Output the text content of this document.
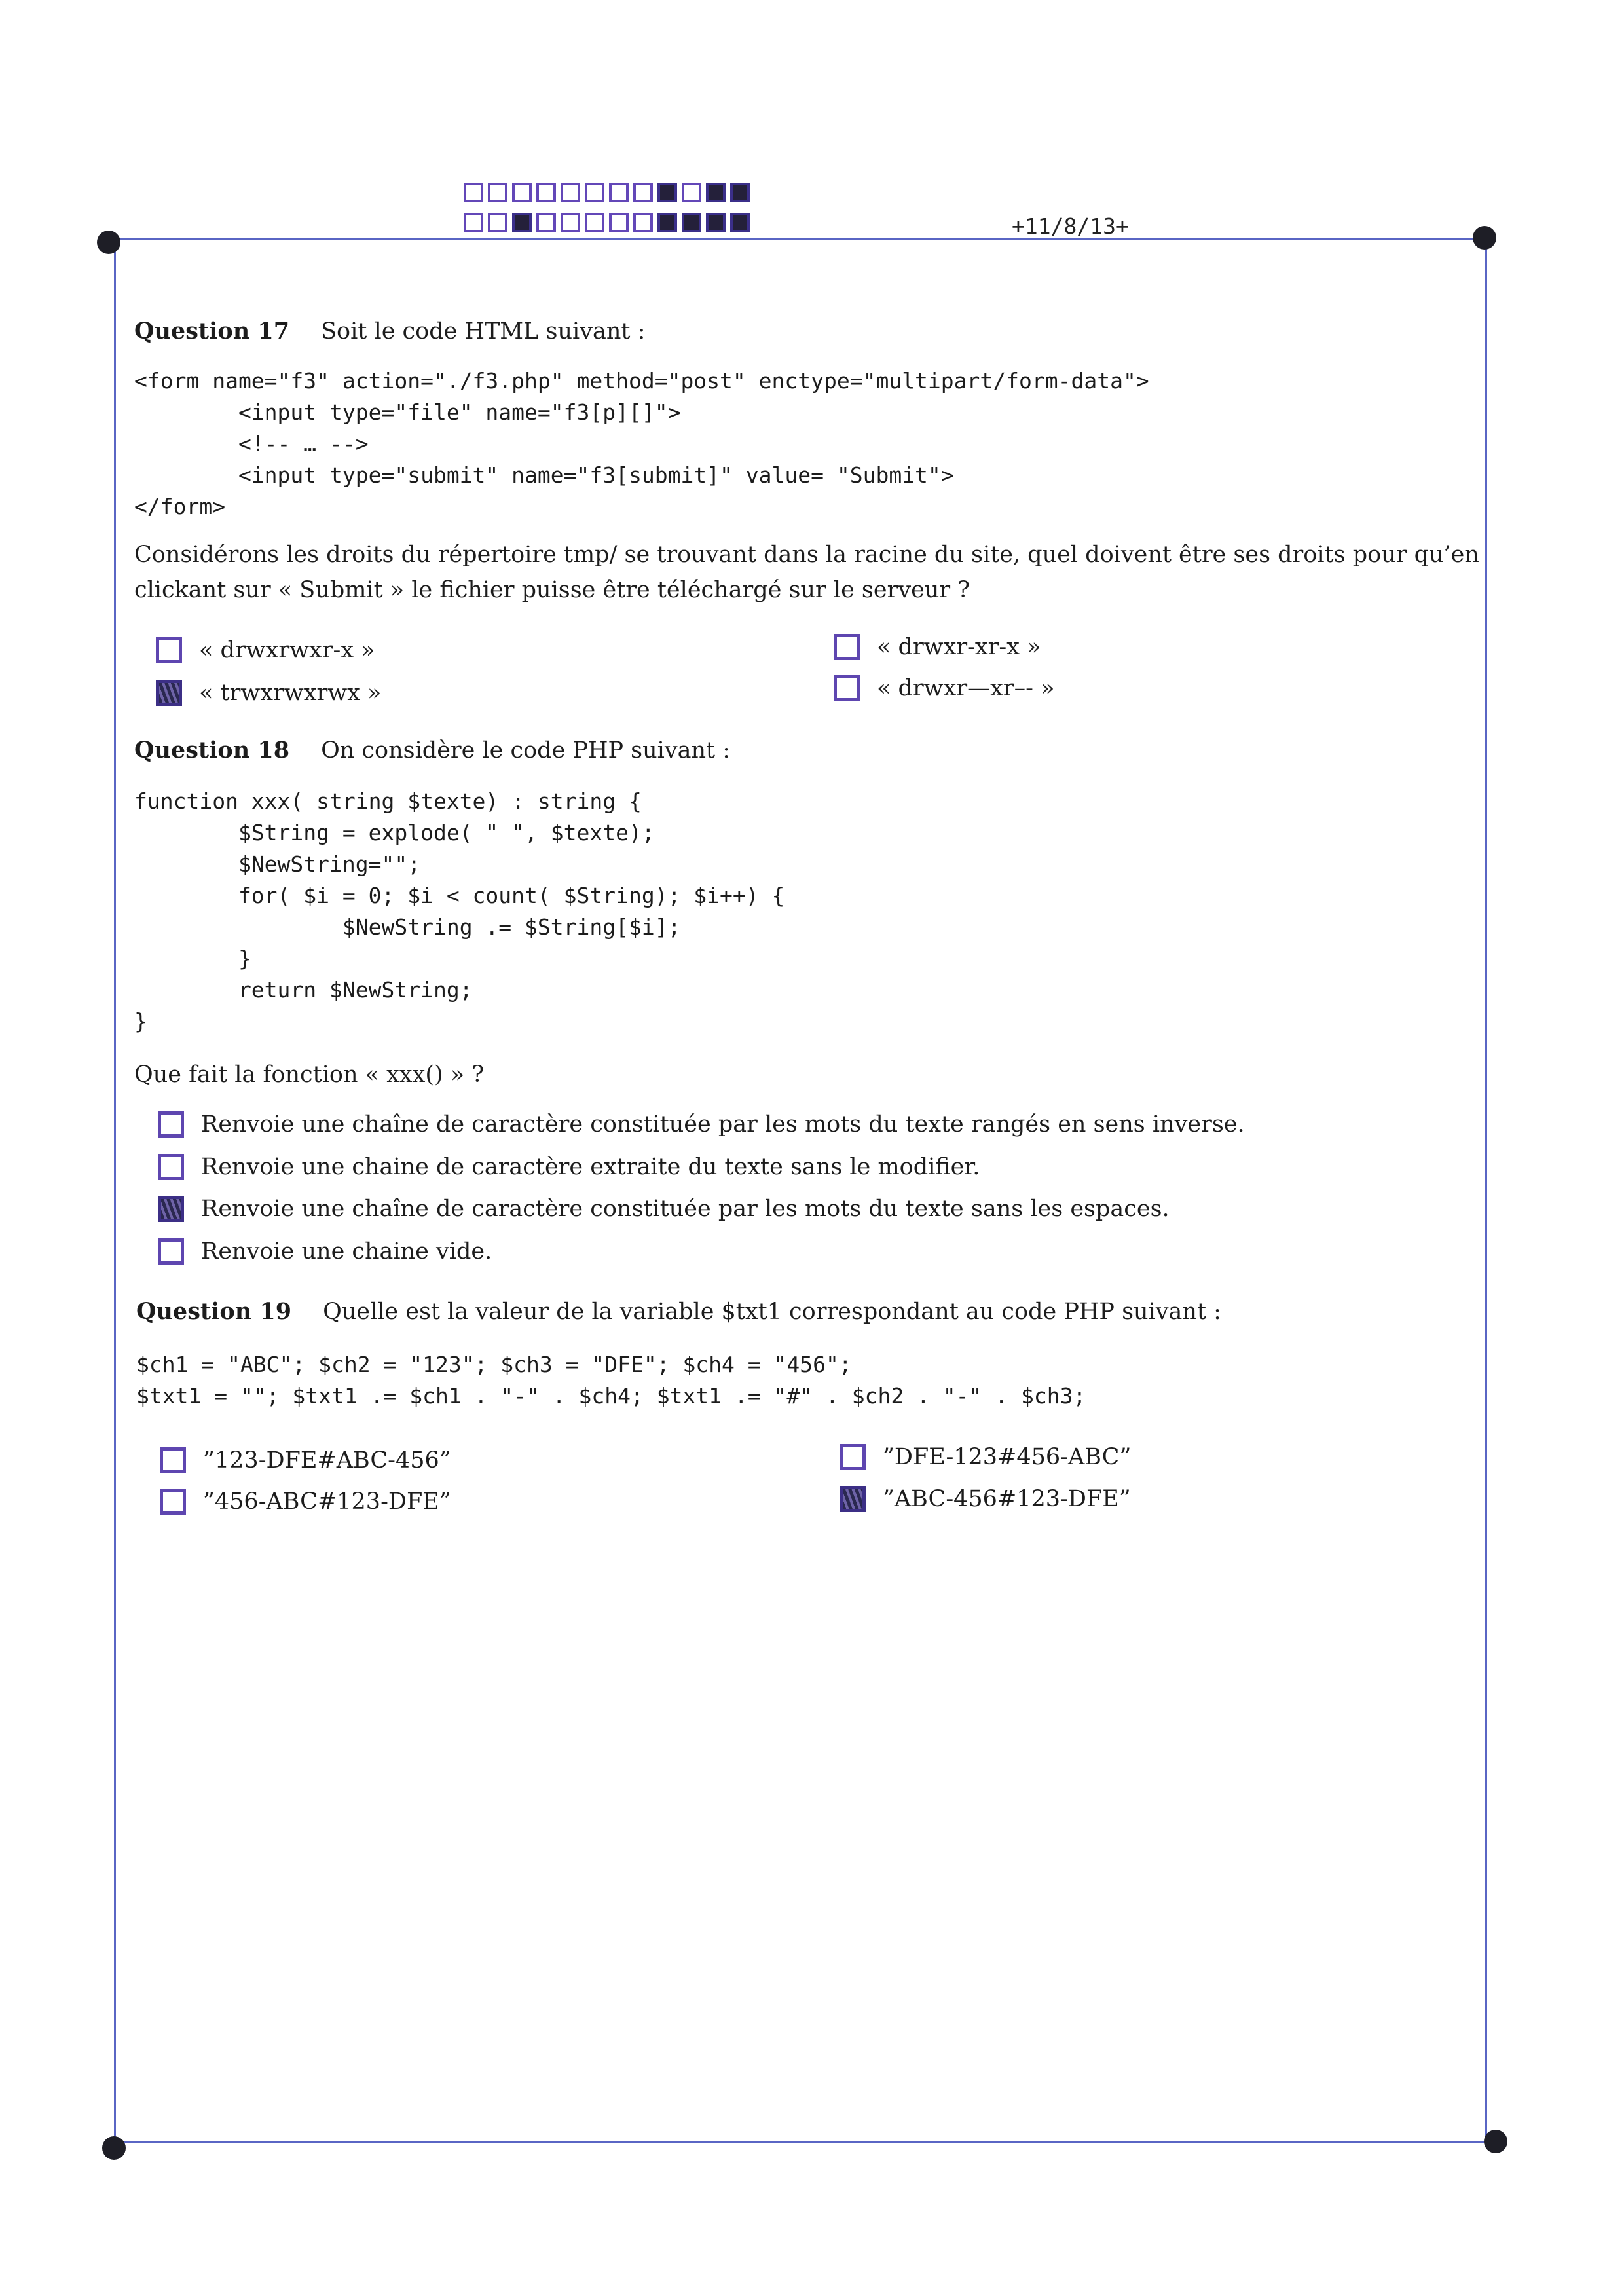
+11/8/13+
Question 17 Soit le code HTML suivant :
<form name="f3" action="./f3.php" method="post" enctype="multipart/form-data">
<input type="file" name="f3[p][]">
<!-- … -->
<input type="submit" name="f3[submit]" value= "Submit">
</form>
Considérons les droits du répertoire tmp/ se trouvant dans la racine du site, quel doivent être ses droits pour qu’en clickant sur « Submit » le fichier puisse être téléchargé sur le serveur ?
« drwxrwxr-x »	« drwxr-xr-x »
« trwxrwxrwx »	« drwxr—xr–- »
Question 18 On considère le code PHP suivant :
function xxx( string $texte) : string {
$String = explode( " ", $texte);
$NewString="";
for( $i = 0; $i < count( $String); $i++) {
$NewString .= $String[$i];
}
return $NewString;
}
Que fait la fonction « xxx() » ?
Renvoie une chaîne de caractère constituée par les mots du texte rangés en sens inverse.
Renvoie une chaine de caractère extraite du texte sans le modifier.
Renvoie une chaîne de caractère constituée par les mots du texte sans les espaces.
Renvoie une chaine vide.
Question 19 Quelle est la valeur de la variable $txt1 correspondant au code PHP suivant :
$ch1 = "ABC"; $ch2 = "123"; $ch3 = "DFE"; $ch4 = "456";
$txt1 = ""; $txt1 .= $ch1 . "-" . $ch4; $txt1 .= "#" . $ch2 . "-" . $ch3;
”123-DFE#ABC-456”	”DFE-123#456-ABC”
”456-ABC#123-DFE”	”ABC-456#123-DFE”
